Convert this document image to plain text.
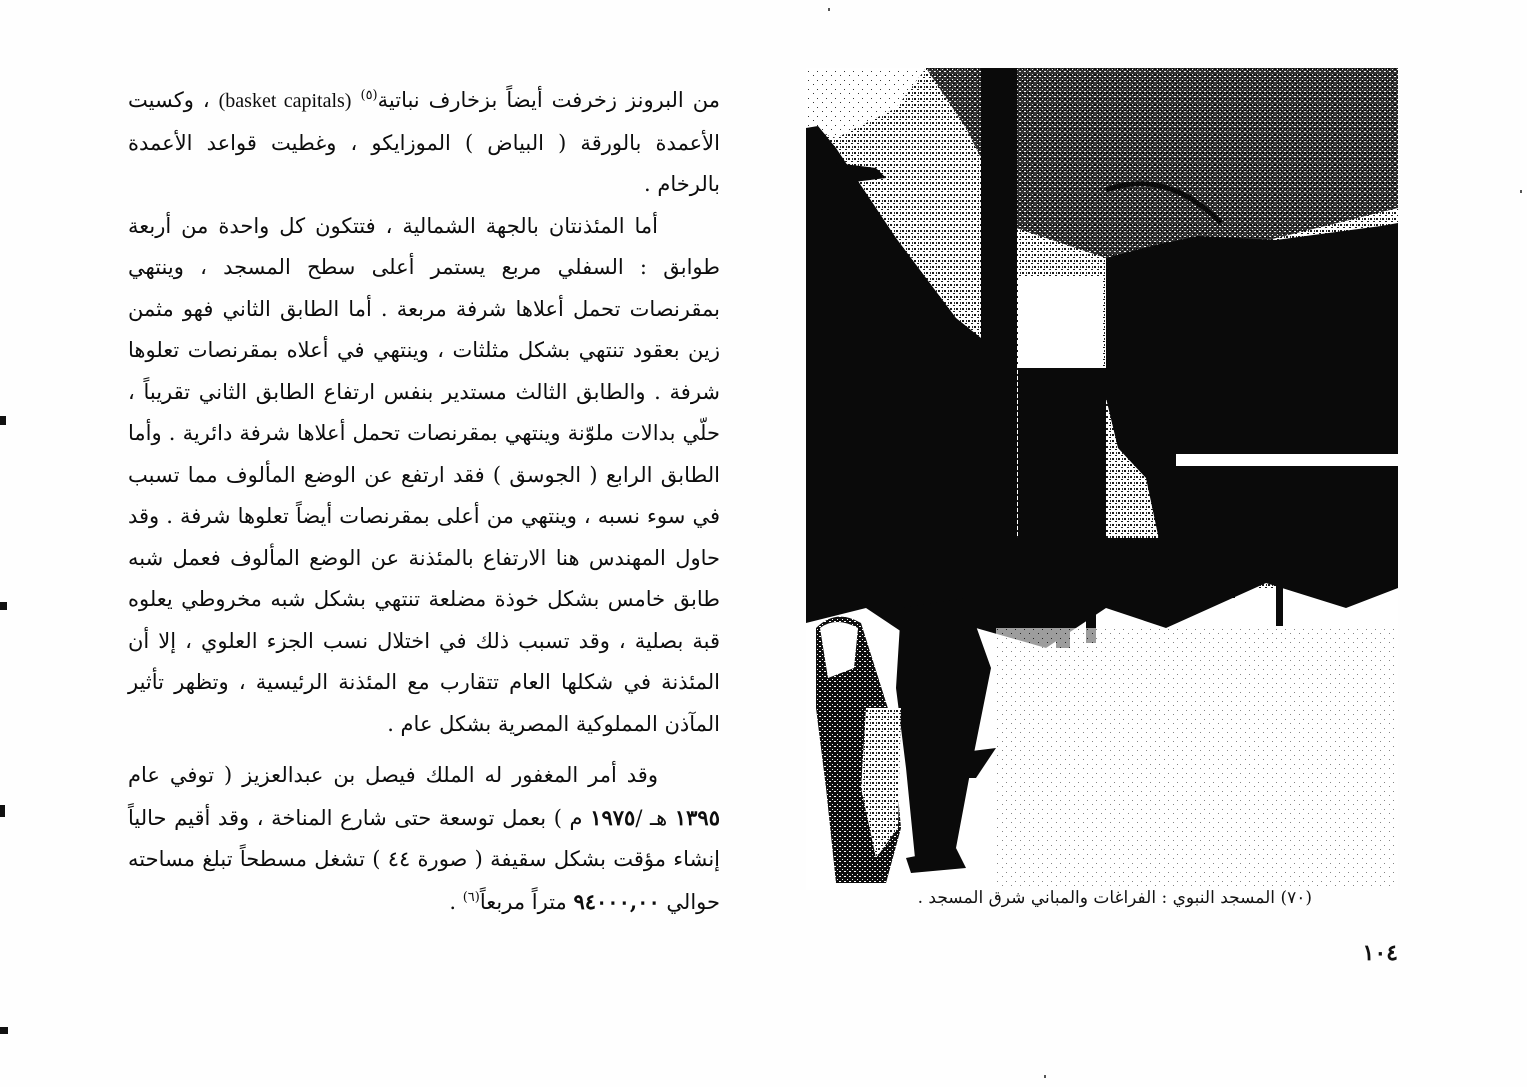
من البرونز زخرفت أيضاً بزخارف نباتية$^{(٥)}$ (basket capitals) ، وكسيت الأعمدة بالورقة ( البياض ) الموزايكو ، وغطيت قواعد الأعمدة بالرخام .

أما المئذنتان بالجهة الشمالية ، فتتكون كل واحدة من أربعة طوابق : السفلي مربع يستمر أعلى سطح المسجد ، وينتهي بمقرنصات تحمل أعلاها شرفة مربعة . أما الطابق الثاني فهو مثمن زين بعقود تنتهي بشكل مثلثات ، وينتهي في أعلاه بمقرنصات تعلوها شرفة . والطابق الثالث مستدير بنفس ارتفاع الطابق الثاني تقريباً ، حلّي بدالات ملوّنة وينتهي بمقرنصات تحمل أعلاها شرفة دائرية . وأما الطابق الرابع ( الجوسق ) فقد ارتفع عن الوضع المألوف مما تسبب في سوء نسبه ، وينتهي من أعلى بمقرنصات أيضاً تعلوها شرفة . وقد حاول المهندس هنا الارتفاع بالمئذنة عن الوضع المألوف فعمل شبه طابق خامس بشكل خوذة مضلعة تنتهي بشكل شبه مخروطي يعلوه قبة بصلية ، وقد تسبب ذلك في اختلال نسب الجزء العلوي ، إلا أن المئذنة في شكلها العام تتقارب مع المئذنة الرئيسية ، وتظهر تأثير المآذن المملوكية المصرية بشكل عام .

وقد أمر المغفور له الملك فيصل بن عبدالعزيز ( توفي عام ١٣٩٥ هـ /١٩٧٥ م ) بعمل توسعة حتى شارع المناخة ، وقد أقيم حالياً إنشاء مؤقت بشكل سقيفة ( صورة ٤٤ ) تشغل مسطحاً تبلغ مساحته حوالي ٩٤٠٠٠,٠٠ متراً مربعاً$^{(٦)}$ .	(٧٠) المسجد النبوي : الفراغات والمباني شرق المسجد .
١٠٤
